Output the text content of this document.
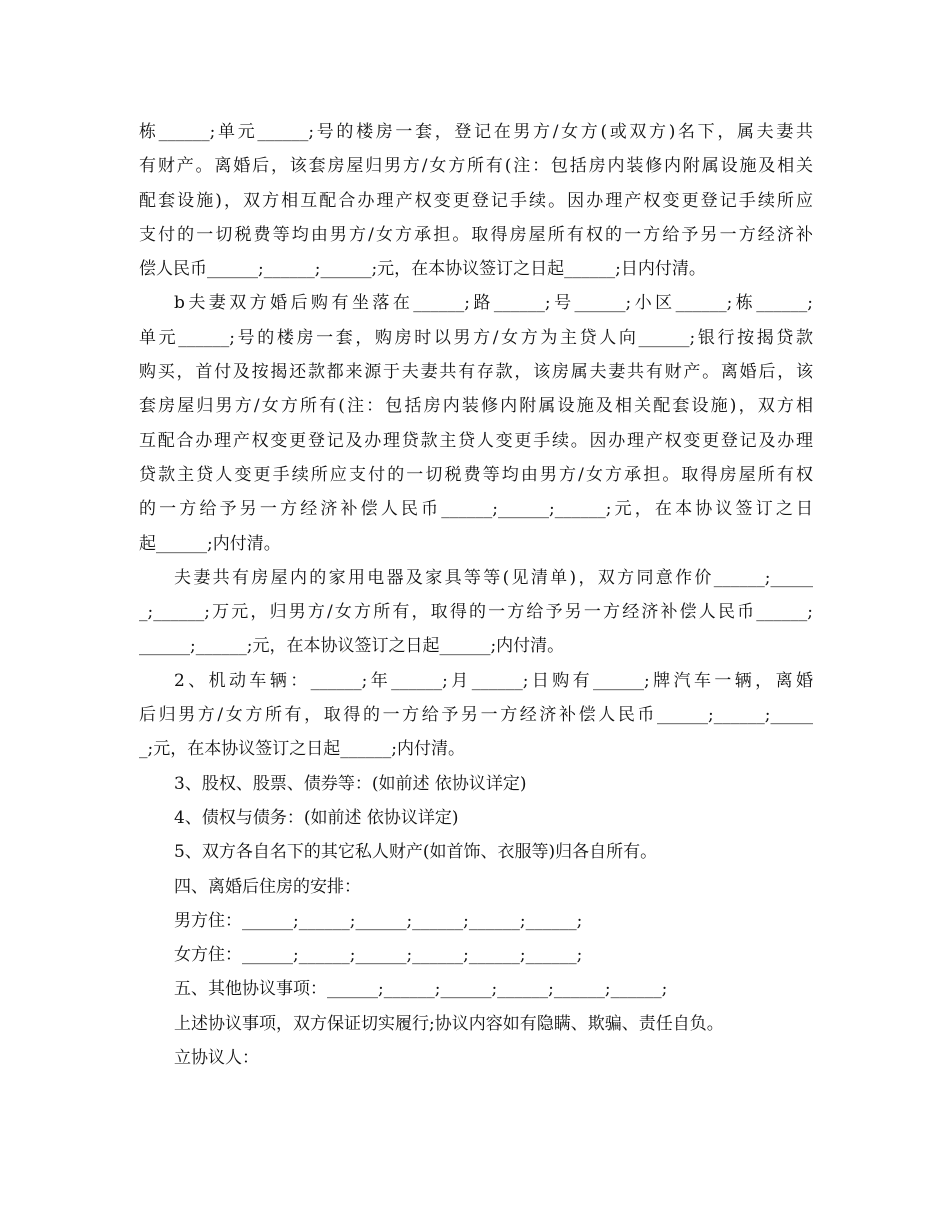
栋______;单元______;号的楼房一套，登记在男方/女方(或双方)名下，属夫妻共
有财产。离婚后，该套房屋归男方/女方所有(注：包括房内装修内附属设施及相关
配套设施)，双方相互配合办理产权变更登记手续。因办理产权变更登记手续所应
支付的一切税费等均由男方/女方承担。取得房屋所有权的一方给予另一方经济补
偿人民币______;______;______;元，在本协议签订之日起______;日内付清。
b夫妻双方婚后购有坐落在______;路______;号______;小区______;栋______;
单元______;号的楼房一套，购房时以男方/女方为主贷人向______;银行按揭贷款
购买，首付及按揭还款都来源于夫妻共有存款，该房属夫妻共有财产。离婚后，该
套房屋归男方/女方所有(注：包括房内装修内附属设施及相关配套设施)，双方相
互配合办理产权变更登记及办理贷款主贷人变更手续。因办理产权变更登记及办理
贷款主贷人变更手续所应支付的一切税费等均由男方/女方承担。取得房屋所有权
的一方给予另一方经济补偿人民币______;______;______;元，在本协议签订之日
起______;内付清。
夫妻共有房屋内的家用电器及家具等等(见清单)，双方同意作价______;_____
_;______;万元，归男方/女方所有，取得的一方给予另一方经济补偿人民币______;
______;______;元，在本协议签订之日起______;内付清。
2、机动车辆：______;年______;月______;日购有______;牌汽车一辆，离婚
后归男方/女方所有，取得的一方给予另一方经济补偿人民币______;______;_____
_;元，在本协议签订之日起______;内付清。
3、股权、股票、债券等：(如前述 依协议详定)
4、债权与债务：(如前述 依协议详定)
5、双方各自名下的其它私人财产(如首饰、衣服等)归各自所有。
四、离婚后住房的安排：
男方住：______;______;______;______;______;______;
女方住：______;______;______;______;______;______;
五、其他协议事项：______;______;______;______;______;______;
上述协议事项，双方保证切实履行;协议内容如有隐瞒、欺骗、责任自负。
立协议人：
